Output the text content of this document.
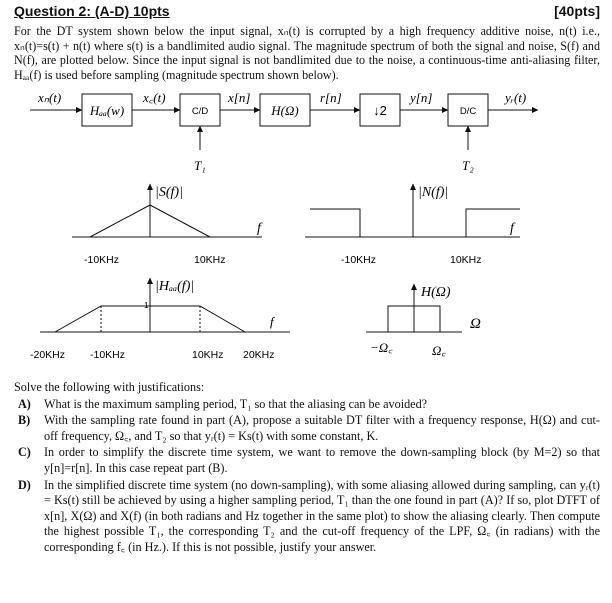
Question 2: (A-D) 10pts	[40pts]
For the DT system shown below the input signal, xₙ(t) is corrupted by a high frequency additive noise, n(t) i.e., xₙ(t)=s(t) + n(t) where s(t) is a bandlimited audio signal. The magnitude spectrum of both the signal and noise, S(f) and N(f), are plotted below. Since the input signal is not bandlimited due to the noise, a continuous-time anti-aliasing filter, Hₐₐ(f) is used before sampling (magnitude spectrum shown below).
xₙ(t)	x꜀(t)	x[n]	r[n]	y[n]	yᵣ(t)
Hₐₐ(w)	C/D	H(Ω)	↓2	D/C
T₁	T₂
|S(f)|
f
-10KHz	10KHz
|N(f)|
f
-10KHz	10KHz
|Hₐₐ(f)|
1
f
-20KHz -10KHz	10KHz 20KHz
H(Ω)
Ω
−Ω꜀	Ω꜀
Solve the following with justifications:
A)	What is the maximum sampling period, T₁ so that the aliasing can be avoided?
B)	With the sampling rate found in part (A), propose a suitable DT filter with a frequency response, H(Ω) and cut-off frequency, Ω꜀, and T₂ so that yᵣ(t) = Ks(t) with some constant, K.
C)	In order to simplify the discrete time system, we want to remove the down-sampling block (by M=2) so that y[n]=r[n]. In this case repeat part (B).
D)	In the simplified discrete time system (no down-sampling), with some aliasing allowed during sampling, can yᵣ(t) = Ks(t) still be achieved by using a higher sampling period, T₁ than the one found in part (A)? If so, plot DTFT of x[n], X(Ω) and X(f) (in both radians and Hz together in the same plot) to show the aliasing clearly. Then compute the highest possible T₁, the corresponding T₂ and the cut-off frequency of the LPF, Ω꜀ (in radians) with the corresponding f꜀ (in Hz.). If this is not possible, justify your answer.
